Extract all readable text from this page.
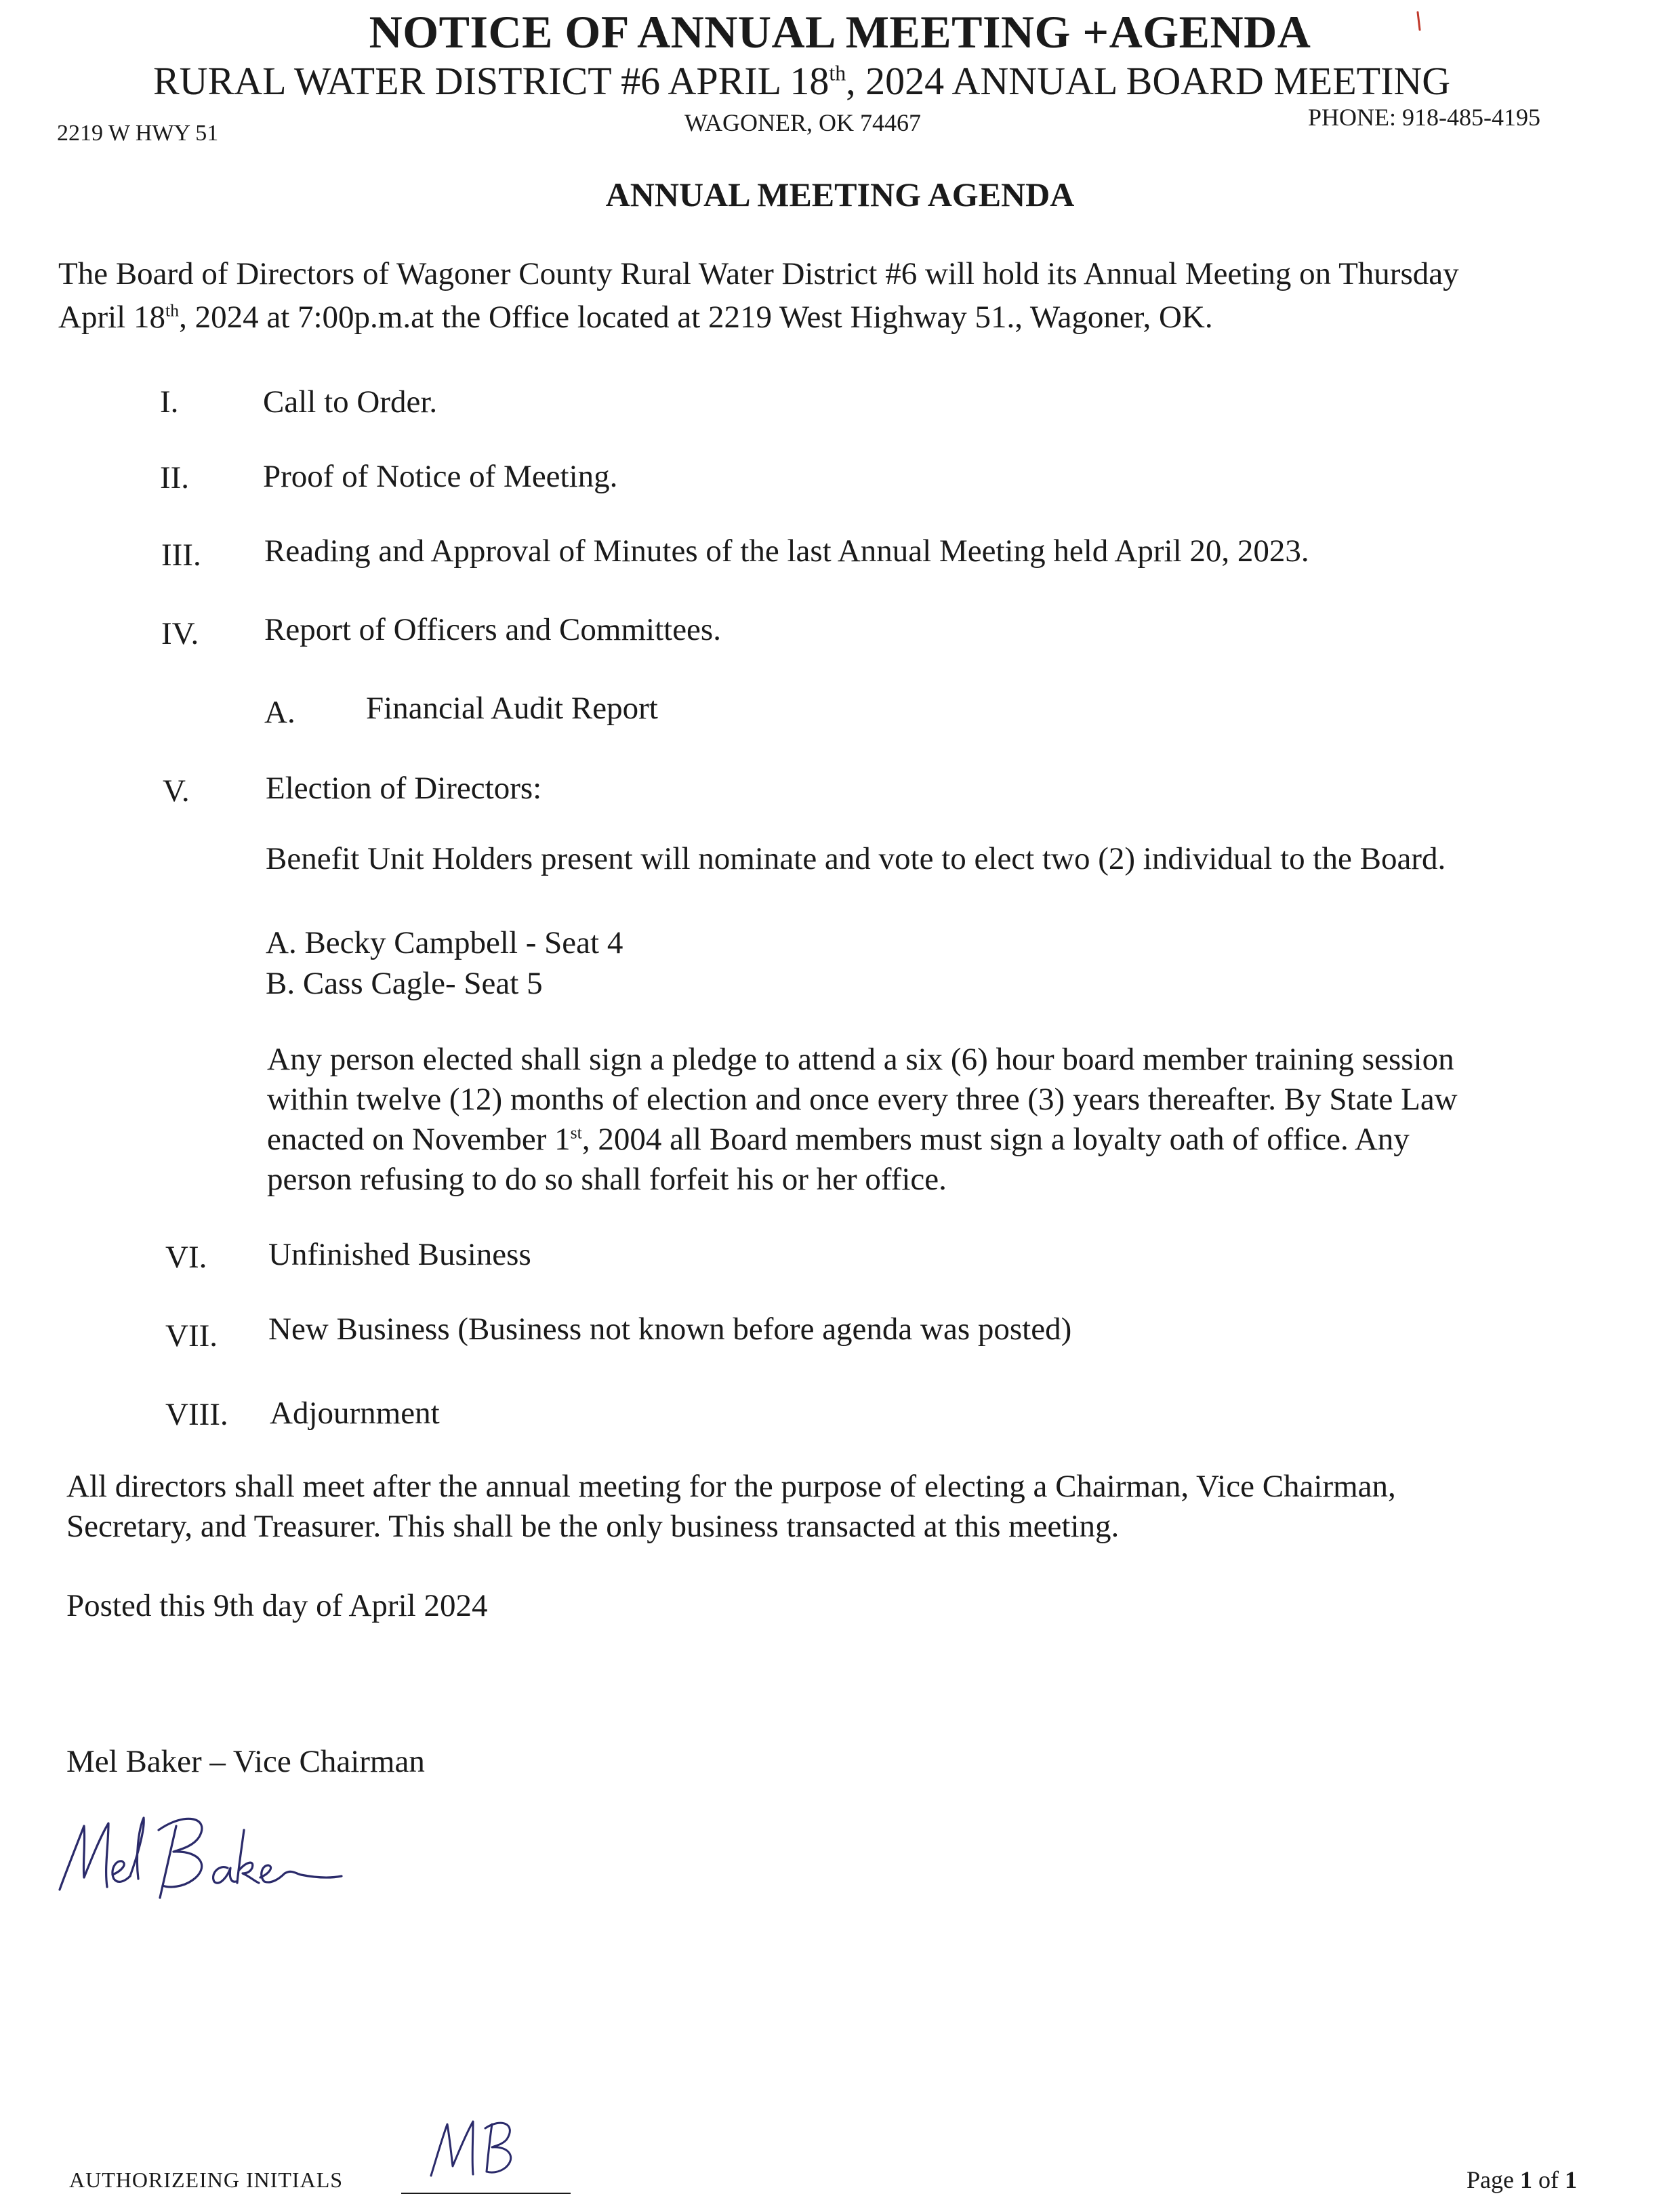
NOTICE OF ANNUAL MEETING +AGENDA
RURAL WATER DISTRICT #6 APRIL 18th, 2024 ANNUAL BOARD MEETING
2219 W HWY 51	WAGONER, OK 74467	PHONE: 918-485-4195
ANNUAL MEETING AGENDA
The Board of Directors of Wagoner County Rural Water District #6 will hold its Annual Meeting on Thursday
April 18th, 2024 at 7:00p.m.at the Office located at 2219 West Highway 51., Wagoner, OK.
I.	Call to Order.
II. Proof of Notice of Meeting.
III. Reading and Approval of Minutes of the last Annual Meeting held April 20, 2023.
IV. Report of Officers and Committees.
A. Financial Audit Report
V. Election of Directors:
Benefit Unit Holders present will nominate and vote to elect two (2) individual to the Board.
A. Becky Campbell - Seat 4
B. Cass Cagle- Seat 5
Any person elected shall sign a pledge to attend a six (6) hour board member training session
within twelve (12) months of election and once every three (3) years thereafter. By State Law
enacted on November 1st, 2004 all Board members must sign a loyalty oath of office. Any
person refusing to do so shall forfeit his or her office.
VI. Unfinished Business
VII. New Business (Business not known before agenda was posted)
VIII. Adjournment
All directors shall meet after the annual meeting for the purpose of electing a Chairman, Vice Chairman,
Secretary, and Treasurer. This shall be the only business transacted at this meeting.
Posted this 9th day of April 2024
Mel Baker – Vice Chairman
AUTHORIZEING INITIALS	Page 1 of 1
